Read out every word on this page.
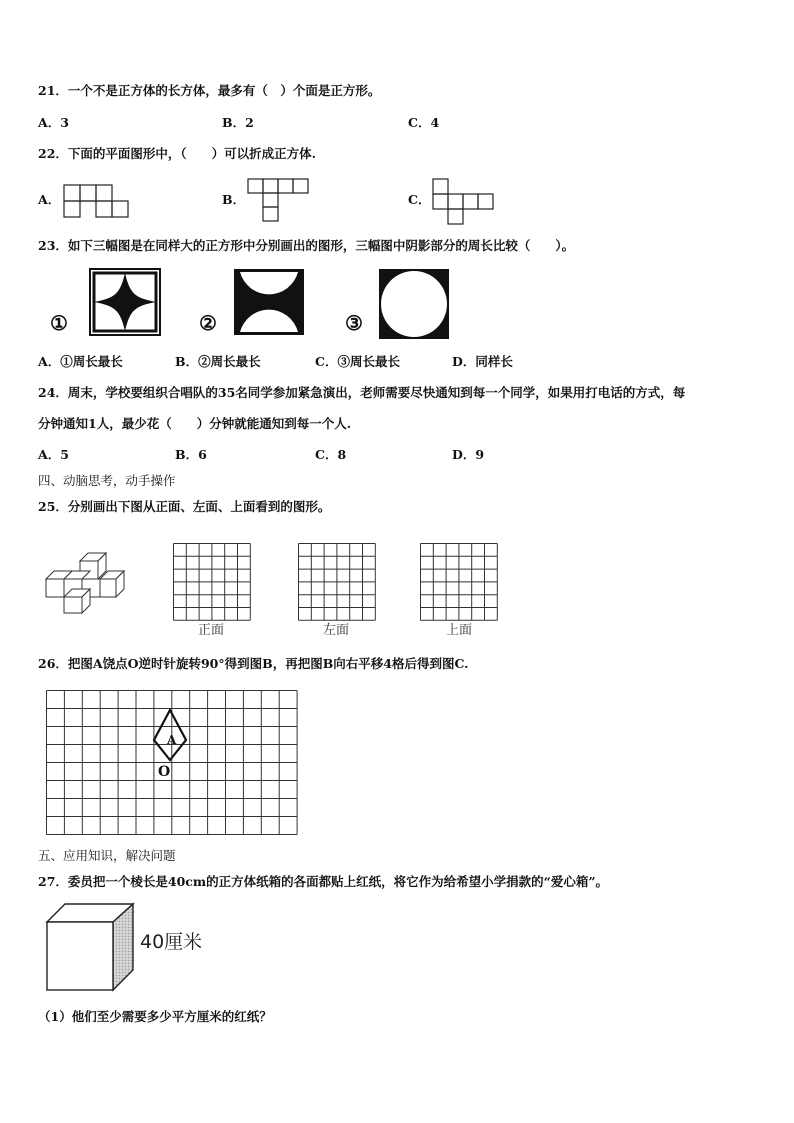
21．一个不是正方体的长方体，最多有（　）个面是正方形。
A．3	B．2	C．4
22．下面的平面图形中，（　　）可以折成正方体.
A．	B．	C．
23．如下三幅图是在同样大的正方形中分别画出的图形，三幅图中阴影部分的周长比较（　　）。
①	②	③
A．①周长最长	B．②周长最长	C．③周长最长	D．同样长
24．周末，学校要组织合唱队的35名同学参加紧急演出，老师需要尽快通知到每一个同学，如果用打电话的方式，每
分钟通知1人，最少花（　　）分钟就能通知到每一个人.
A．5	B．6	C．8	D．9
四、动脑思考，动手操作
25．分别画出下图从正面、左面、上面看到的图形。
正面	左面	上面
26．把图A饶点O逆时针旋转90°得到图B，再把图B向右平移4格后得到图C.
A
O
五、应用知识，解决问题
27．委员把一个棱长是40cm的正方体纸箱的各面都贴上红纸，将它作为给希望小学捐款的“爱心箱”。
40厘米
（1）他们至少需要多少平方厘米的红纸？
